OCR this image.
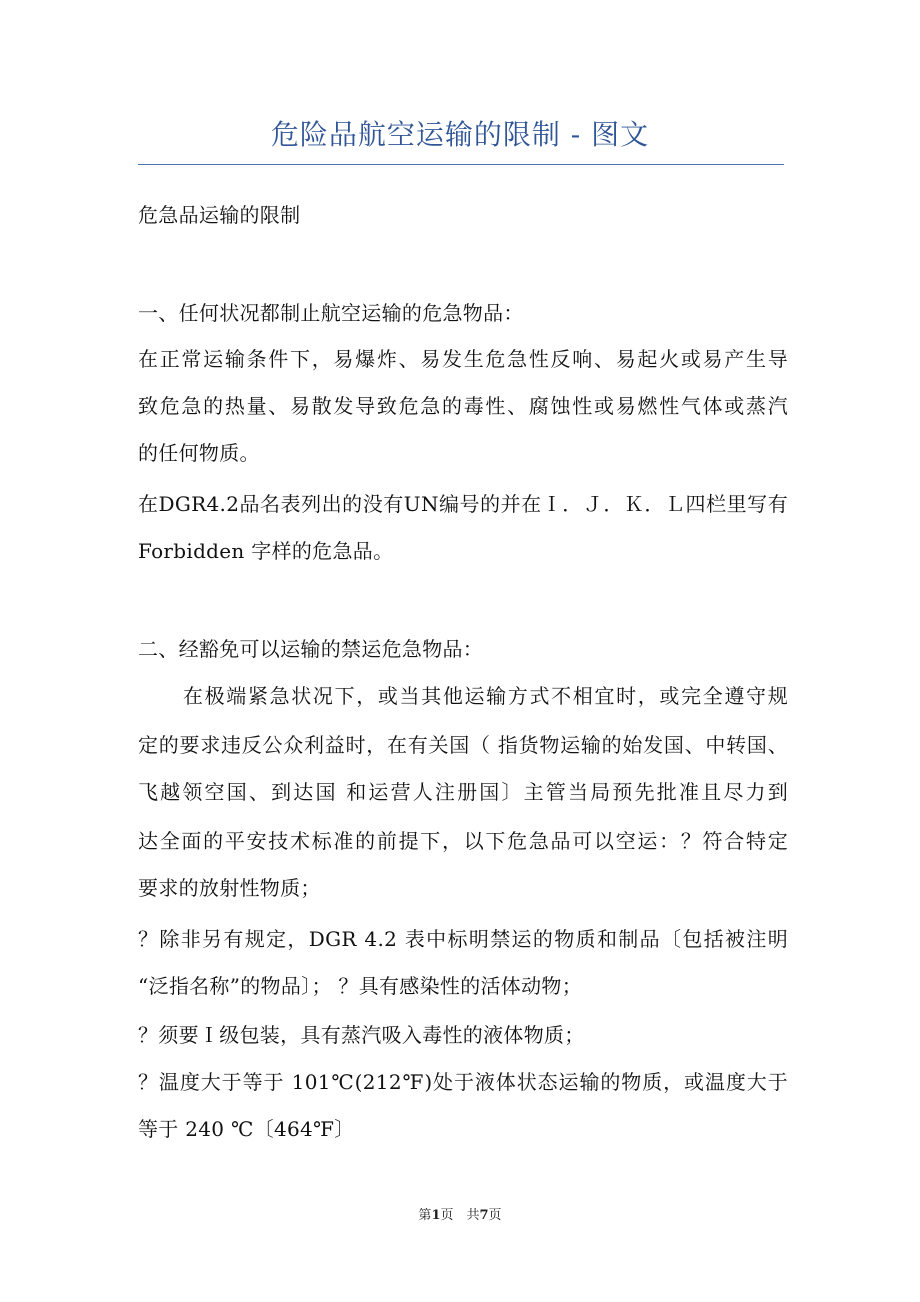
危险品航空运输的限制 - 图文
危急品运输的限制
一、任何状况都制止航空运输的危急物品：
在正常运输条件下，易爆炸、易发生危急性反响、易起火或易产生导
致危急的热量、易散发导致危急的毒性、腐蚀性或易燃性气体或蒸汽
的任何物质。
在DGR4.2品名表列出的没有UN编号的并在Ｉ．Ｊ．Ｋ．Ｌ四栏里写有
Forbidden 字样的危急品。
二、经豁免可以运输的禁运危急物品：
在极端紧急状况下，或当其他运输方式不相宜时，或完全遵守规
定的要求违反公众利益时，在有关国（ 指货物运输的始发国、中转国、
飞越领空国、到达国 和运营人注册国〕主管当局预先批准且尽力到
达全面的平安技术标准的前提下，以下危急品可以空运：？符合特定
要求的放射性物质；
？除非另有规定，DGR 4.2 表中标明禁运的物质和制品〔包括被注明
“泛指名称”的物品〕； ？具有感染性的活体动物；
？须要Ｉ级包装，具有蒸汽吸入毒性的液体物质；
？温度大于等于 101℃(212℉)处于液体状态运输的物质，或温度大于
等于 240 ℃〔464℉〕
第1页　共7页
